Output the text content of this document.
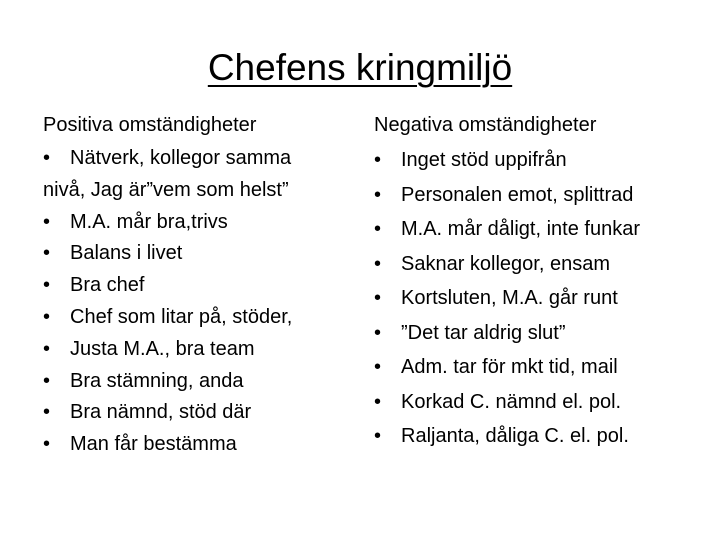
Chefens kringmiljö
Positiva omständigheter
• Nätverk, kollegor samma nivå, Jag är”vem som helst”
• M.A. mår bra,trivs
• Balans i livet
• Bra chef
• Chef som litar på, stöder,
• Justa M.A., bra team
• Bra stämning, anda
• Bra nämnd, stöd där
• Man får bestämma
Negativa omständigheter
• Inget stöd uppifrån
• Personalen emot, splittrad
• M.A. mår dåligt, inte funkar
• Saknar kollegor, ensam
• Kortsluten, M.A. går runt
• ”Det tar aldrig slut”
• Adm. tar för mkt tid, mail
• Korkad C. nämnd el. pol.
• Raljanta, dåliga C. el. pol.
